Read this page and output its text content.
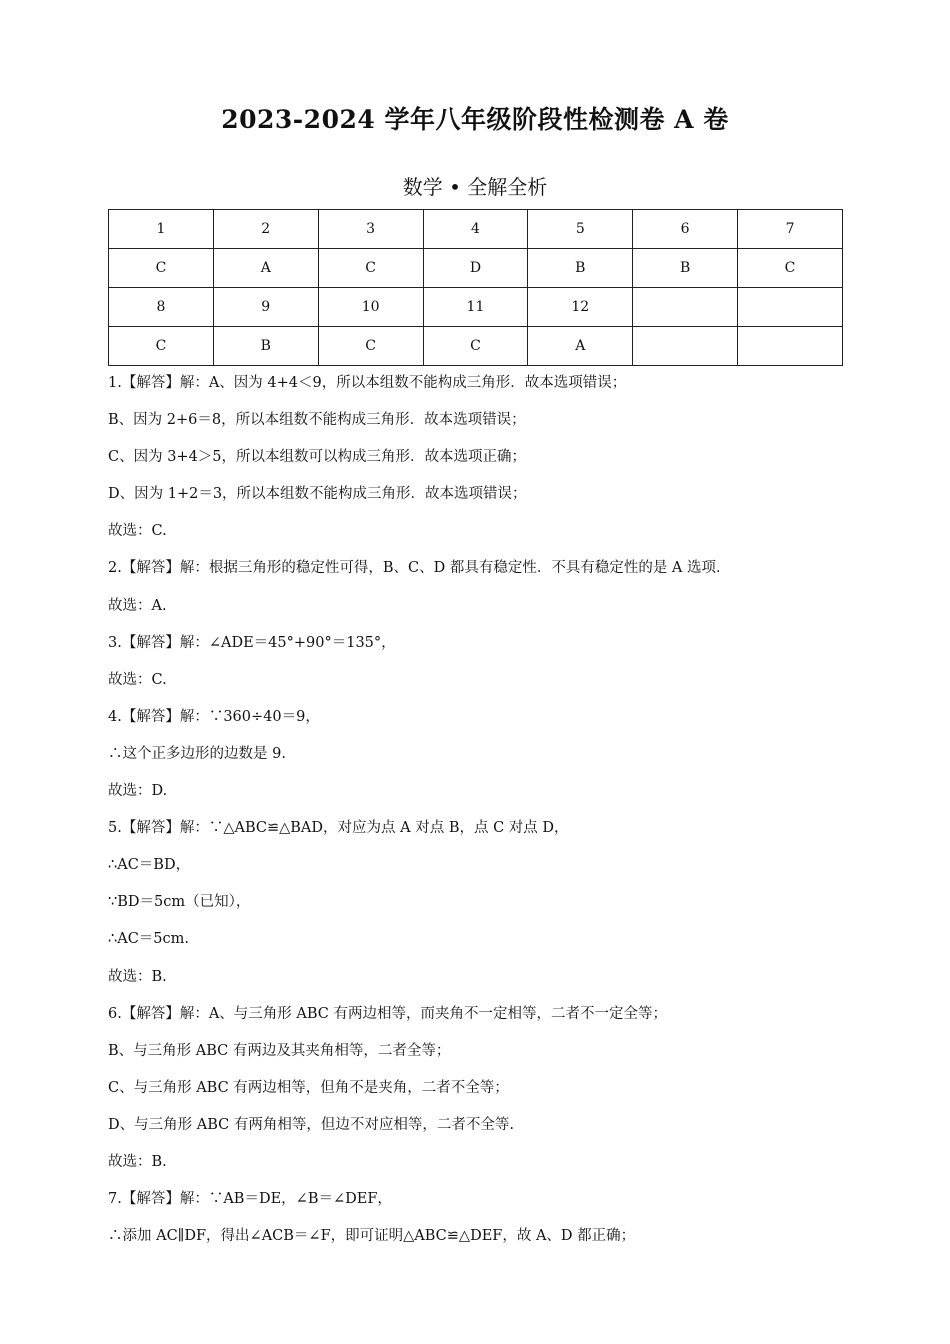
2023-2024 学年八年级阶段性检测卷 A 卷
数学 • 全解全析
1	2	3	4	5	6	7
C	A	C	D	B	B	C
8	9	10	11	12		
C	B	C	C	A		
1.【解答】解：A、因为 4+4＜9，所以本组数不能构成三角形．故本选项错误；
B、因为 2+6＝8，所以本组数不能构成三角形．故本选项错误；
C、因为 3+4＞5，所以本组数可以构成三角形．故本选项正确；
D、因为 1+2＝3，所以本组数不能构成三角形．故本选项错误；
故选：C.
2.【解答】解：根据三角形的稳定性可得，B、C、D 都具有稳定性．不具有稳定性的是 A 选项．
故选：A.
3.【解答】解：∠ADE＝45°+90°＝135°，
故选：C.
4.【解答】解：∵360÷40＝9，
∴这个正多边形的边数是 9.
故选：D.
5.【解答】解：∵△ABC≌△BAD，对应为点 A 对点 B，点 C 对点 D，
∴AC＝BD，
∵BD＝5cm（已知），
∴AC＝5cm.
故选：B.
6.【解答】解：A、与三角形 ABC 有两边相等，而夹角不一定相等，二者不一定全等；
B、与三角形 ABC 有两边及其夹角相等，二者全等；
C、与三角形 ABC 有两边相等，但角不是夹角，二者不全等；
D、与三角形 ABC 有两角相等，但边不对应相等，二者不全等.
故选：B.
7.【解答】解：∵AB＝DE，∠B＝∠DEF，
∴添加 AC∥DF，得出∠ACB＝∠F，即可证明△ABC≌△DEF，故 A、D 都正确；
